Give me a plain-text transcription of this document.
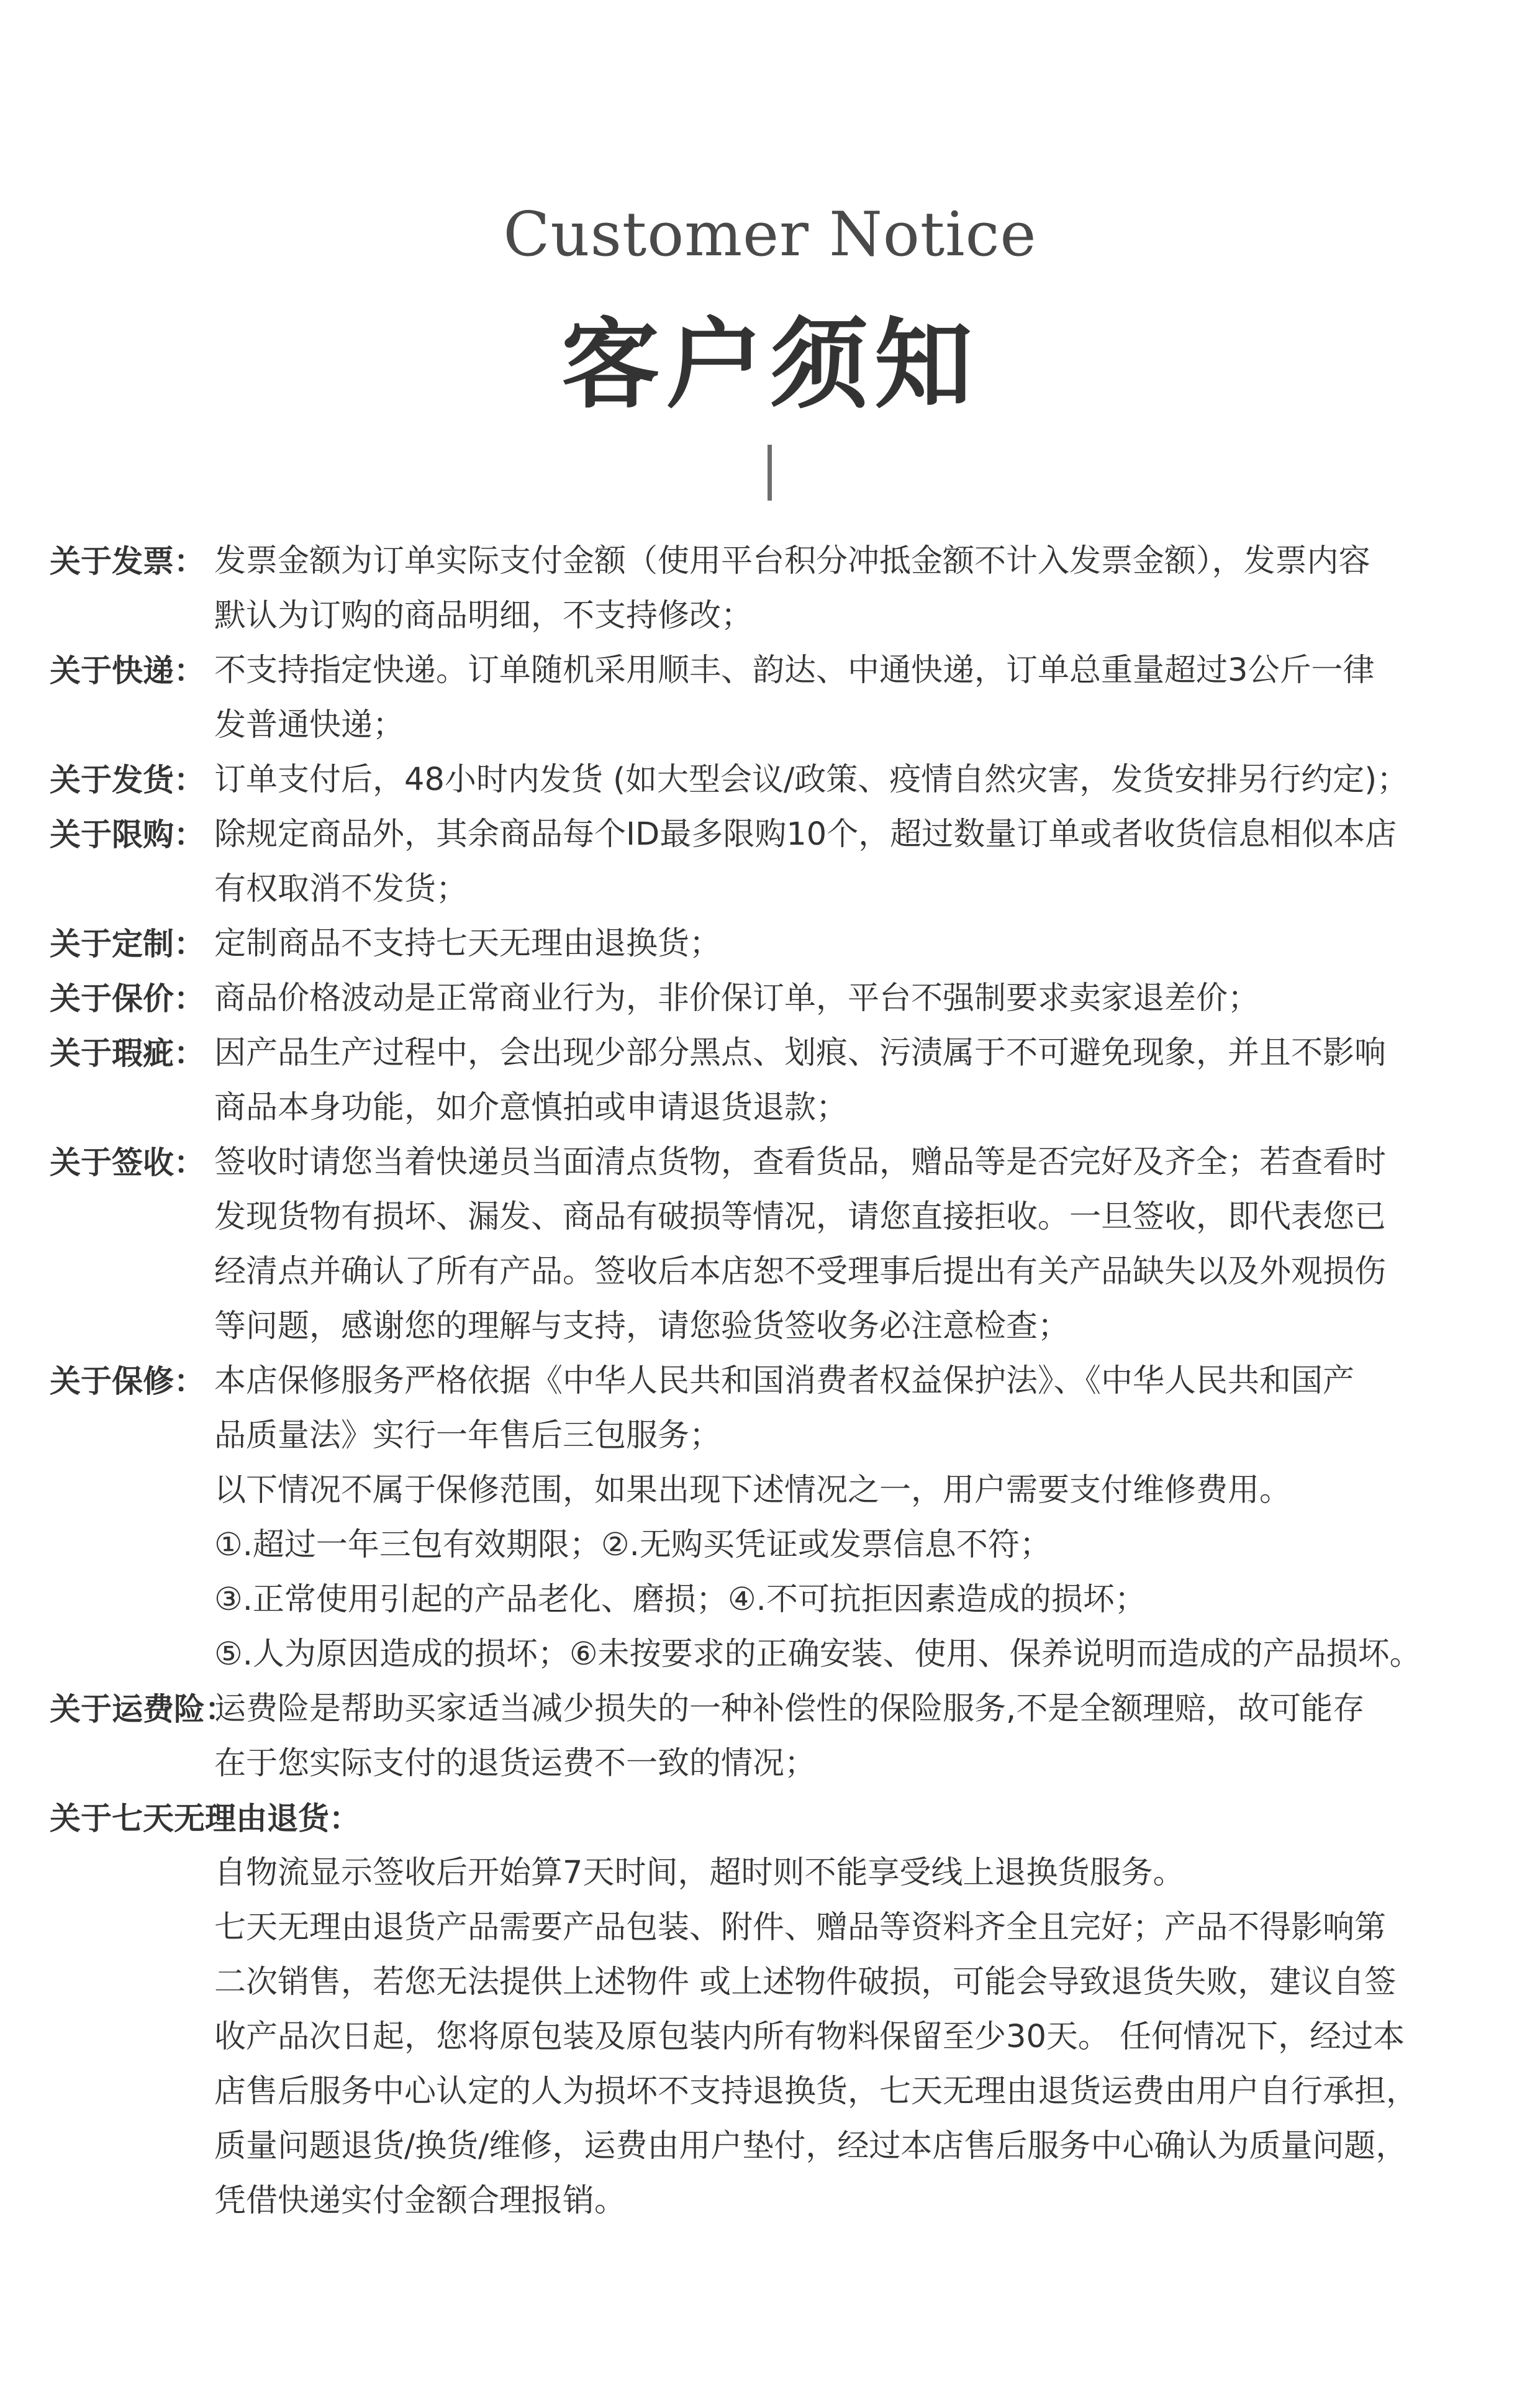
Customer Notice
客户须知
关于发票： 发票金额为订单实际支付金额（使用平台积分冲抵金额不计入发票金额），发票内容
默认为订购的商品明细，不支持修改；
关于快递： 不支持指定快递。订单随机采用顺丰、韵达、中通快递，订单总重量超过3公斤一律
发普通快递；
关于发货： 订单支付后，48小时内发货 (如大型会议/政策、疫情自然灾害，发货安排另行约定)；
关于限购： 除规定商品外，其余商品每个ID最多限购10个，超过数量订单或者收货信息相似本店
有权取消不发货；
关于定制： 定制商品不支持七天无理由退换货；
关于保价： 商品价格波动是正常商业行为，非价保订单，平台不强制要求卖家退差价；
关于瑕疵： 因产品生产过程中，会出现少部分黑点、划痕、污渍属于不可避免现象，并且不影响
商品本身功能，如介意慎拍或申请退货退款；
关于签收： 签收时请您当着快递员当面清点货物，查看货品，赠品等是否完好及齐全；若查看时
发现货物有损坏、漏发、商品有破损等情况，请您直接拒收。一旦签收，即代表您已
经清点并确认了所有产品。签收后本店恕不受理事后提出有关产品缺失以及外观损伤
等问题，感谢您的理解与支持，请您验货签收务必注意检查；
关于保修： 本店保修服务严格依据《中华人民共和国消费者权益保护法》、《中华人民共和国产
品质量法》实行一年售后三包服务；
以下情况不属于保修范围，如果出现下述情况之一，用户需要支付维修费用。
①.超过一年三包有效期限；②.无购买凭证或发票信息不符；
③.正常使用引起的产品老化、磨损；④.不可抗拒因素造成的损坏；
⑤.人为原因造成的损坏；⑥未按要求的正确安装、使用、保养说明而造成的产品损坏。
关于运费险：
运费险是帮助买家适当减少损失的一种补偿性的保险服务,不是全额理赔，故可能存
在于您实际支付的退货运费不一致的情况；
关于七天无理由退货：
自物流显示签收后开始算7天时间，超时则不能享受线上退换货服务。
七天无理由退货产品需要产品包装、附件、赠品等资料齐全且完好；产品不得影响第
二次销售，若您无法提供上述物件 或上述物件破损，可能会导致退货失败，建议自签
收产品次日起，您将原包装及原包装内所有物料保留至少30天。 任何情况下，经过本
店售后服务中心认定的人为损坏不支持退换货，七天无理由退货运费由用户自行承担，
质量问题退货/换货/维修，运费由用户垫付，经过本店售后服务中心确认为质量问题，
凭借快递实付金额合理报销。
